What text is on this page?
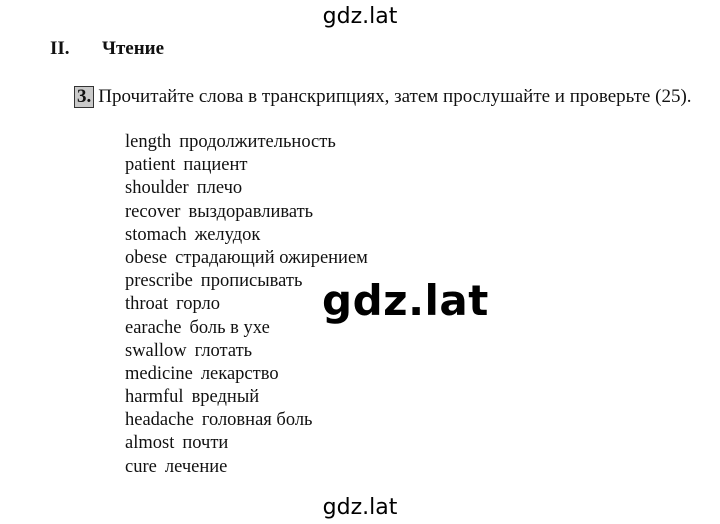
gdz.lat
II. Чтение
3. Прочитайте слова в транскрипциях, затем прослушайте и проверьте (25).
length продолжительность
patient пациент
shoulder плечо
recover выздоравливать
stomach желудок
obese страдающий ожирением
prescribe прописывать
throat горло
earache боль в ухе
swallow глотать
medicine лекарство
harmful вредный
headache головная боль
almost почти
cure лечение
gdz.lat
gdz.lat
